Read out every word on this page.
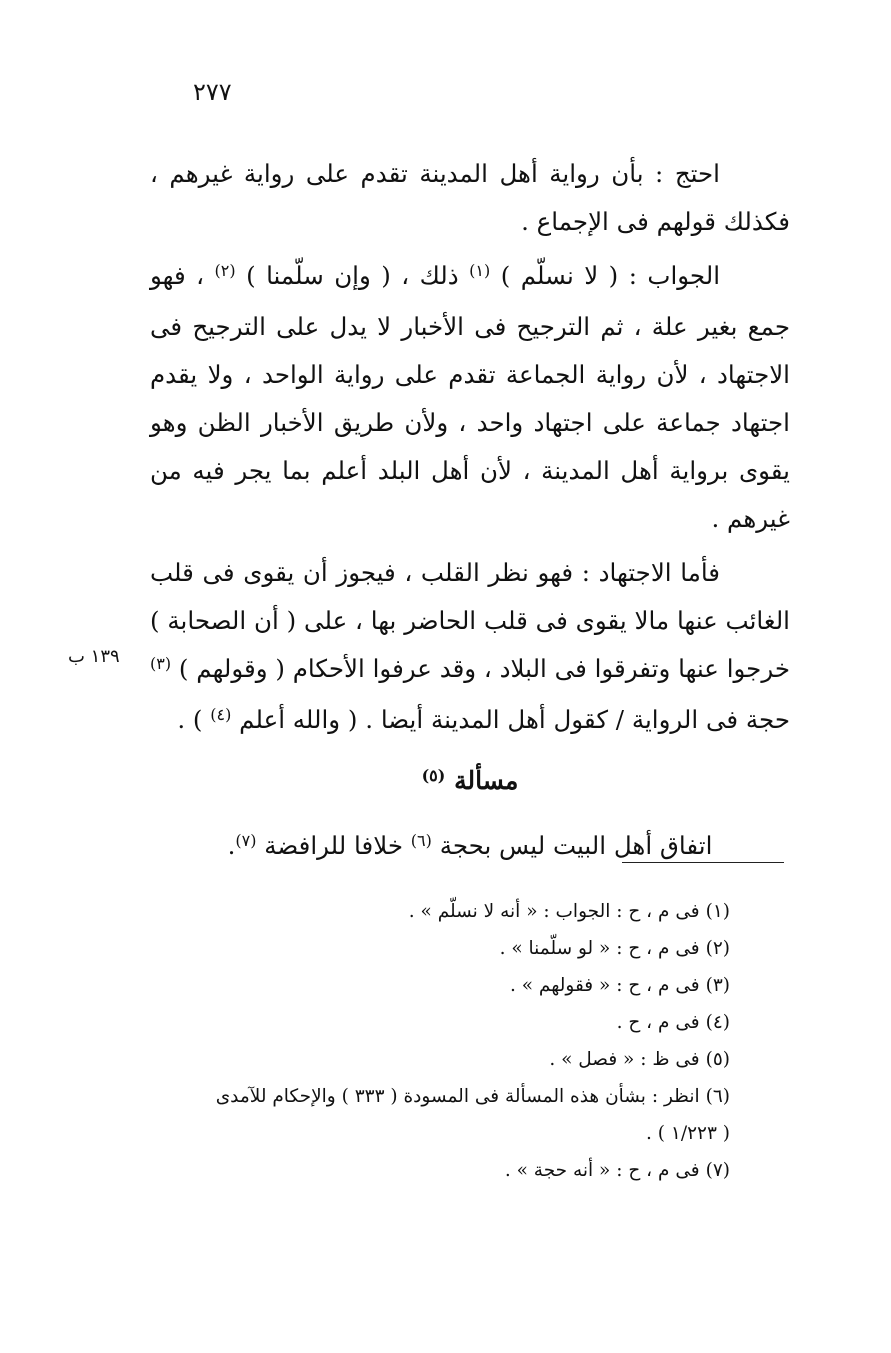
٢٧٧

احتج : بأن رواية أهل المدينة تقدم على رواية غيرهم ، فكذلك قولهم فى الإجماع .

الجواب : ( لا نسلّم ) $^{(١)}$ ذلك ، ( وإن سلّمنا ) $^{(٢)}$ ، فهو جمع بغير علة ، ثم الترجيح فى الأخبار لا يدل على الترجيح فى الاجتهاد ، لأن رواية الجماعة تقدم على رواية الواحد ، ولا يقدم اجتهاد جماعة على اجتهاد واحد ، ولأن طريق الأخبار الظن وهو يقوى برواية أهل المدينة ، لأن أهل البلد أعلم بما يجر فيه من غيرهم .

فأما الاجتهاد : فهو نظر القلب ، فيجوز أن يقوى فى قلب الغائب عنها مالا يقوى فى قلب الحاضر بها ، على ( أن الصحابة ) خرجوا عنها وتفرقوا فى البلاد ، وقد عرفوا الأحكام ( وقولهم ) $^{(٣)}$ حجة فى الرواية / كقول أهل المدينة أيضا . ( والله أعلم $^{(٤)}$ ) .

مسألة $^{(٥)}$

اتفاق أهل البيت ليس بحجة $^{(٦)}$ خلافا للرافضة $^{(٧)}$.

١٣٩ ب

(١)فى م ، ح : الجواب : « أنه لا نسلّم » .

(٢)فى م ، ح : « لو سلّمنا » .

(٣)فى م ، ح : « فقولهم » .

(٤)فى م ، ح .

(٥)فى ظ : « فصل » .

(٦)انظر : بشأن هذه المسألة فى المسودة ( ٣٣٣ ) والإحكام للآمدى

( ١/٢٢٣ ) .

(٧)فى م ، ح : « أنه حجة » .
